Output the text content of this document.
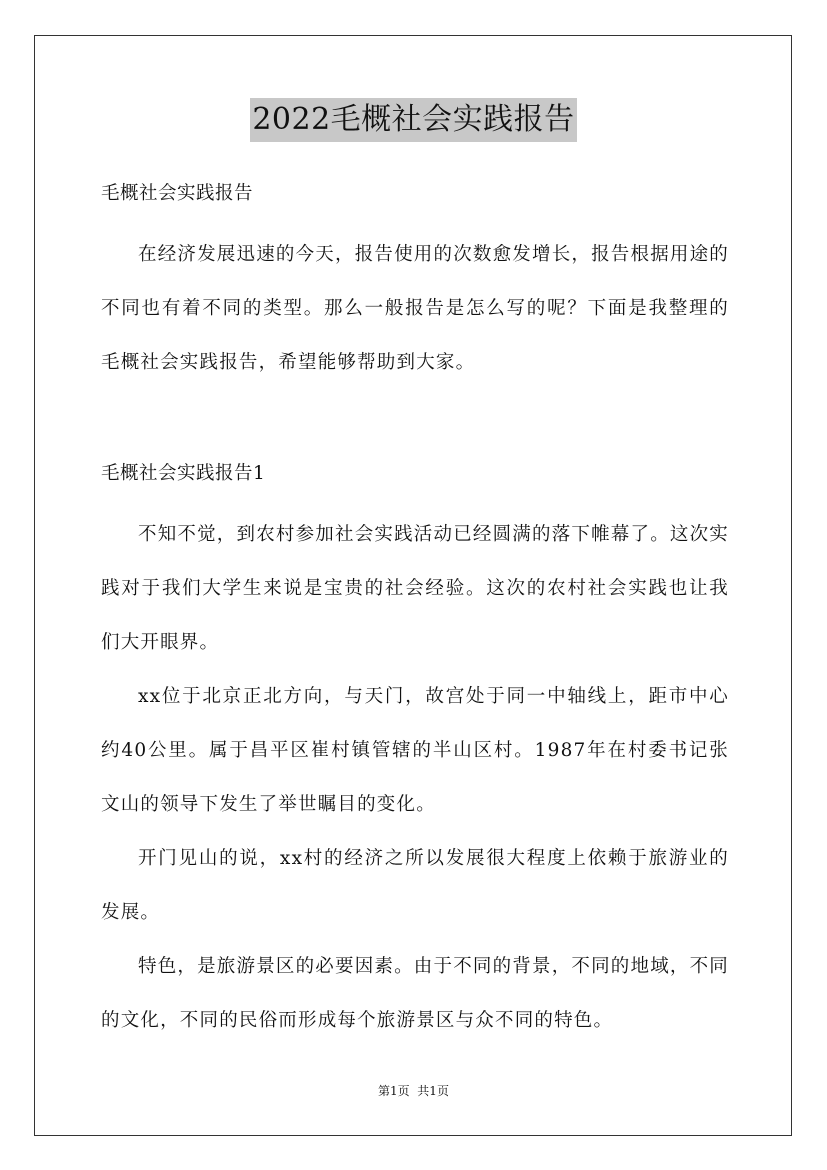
2022毛概社会实践报告

毛概社会实践报告

在经济发展迅速的今天，报告使用的次数愈发增长，报告根据用途的不同也有着不同的类型。那么一般报告是怎么写的呢？下面是我整理的毛概社会实践报告，希望能够帮助到大家。

毛概社会实践报告1

不知不觉，到农村参加社会实践活动已经圆满的落下帷幕了。这次实践对于我们大学生来说是宝贵的社会经验。这次的农村社会实践也让我们大开眼界。

xx位于北京正北方向，与天门，故宫处于同一中轴线上，距市中心约40公里。属于昌平区崔村镇管辖的半山区村。1987年在村委书记张文山的领导下发生了举世瞩目的变化。

开门见山的说，xx村的经济之所以发展很大程度上依赖于旅游业的发展。

特色，是旅游景区的必要因素。由于不同的背景，不同的地域，不同的文化，不同的民俗而形成每个旅游景区与众不同的特色。

第1页  共1页
